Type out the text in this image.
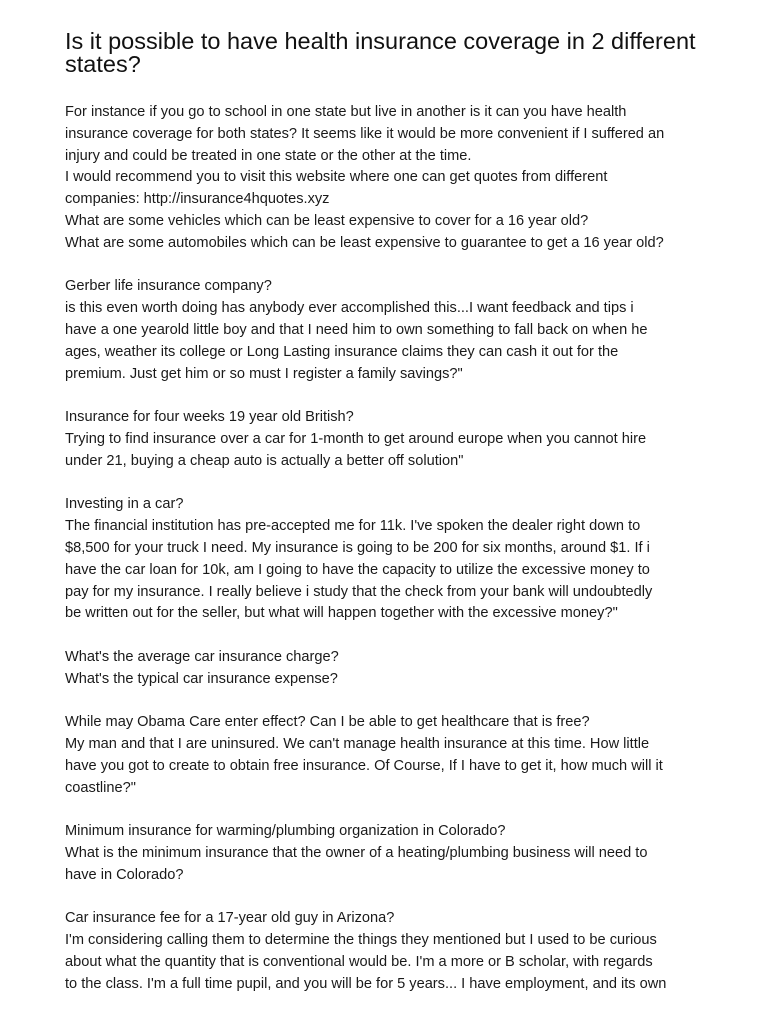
Is it possible to have health insurance coverage in 2 different states?
For instance if you go to school in one state but live in another is it can you have health
insurance coverage for both states? It seems like it would be more convenient if I suffered an
injury and could be treated in one state or the other at the time.
I would recommend you to visit this website where one can get quotes from different
companies: http://insurance4hquotes.xyz
What are some vehicles which can be least expensive to cover for a 16 year old?
What are some automobiles which can be least expensive to guarantee to get a 16 year old?
Gerber life insurance company?
is this even worth doing has anybody ever accomplished this...I want feedback and tips i
have a one yearold little boy and that I need him to own something to fall back on when he
ages, weather its college or Long Lasting insurance claims they can cash it out for the
premium. Just get him or so must I register a family savings?"
Insurance for four weeks 19 year old British?
Trying to find insurance over a car for 1-month to get around europe when you cannot hire
under 21, buying a cheap auto is actually a better off solution"
Investing in a car?
The financial institution has pre-accepted me for 11k. I've spoken the dealer right down to
$8,500 for your truck I need. My insurance is going to be 200 for six months, around $1. If i
have the car loan for 10k, am I going to have the capacity to utilize the excessive money to
pay for my insurance. I really believe i study that the check from your bank will undoubtedly
be written out for the seller, but what will happen together with the excessive money?"
What's the average car insurance charge?
What's the typical car insurance expense?
While may Obama Care enter effect? Can I be able to get healthcare that is free?
My man and that I are uninsured. We can't manage health insurance at this time. How little
have you got to create to obtain free insurance. Of Course, If I have to get it, how much will it
coastline?"
Minimum insurance for warming/plumbing organization in Colorado?
What is the minimum insurance that the owner of a heating/plumbing business will need to
have in Colorado?
Car insurance fee for a 17-year old guy in Arizona?
I'm considering calling them to determine the things they mentioned but I used to be curious
about what the quantity that is conventional would be. I'm a more or B scholar, with regards
to the class. I'm a full time pupil, and you will be for 5 years... I have employment, and its own
